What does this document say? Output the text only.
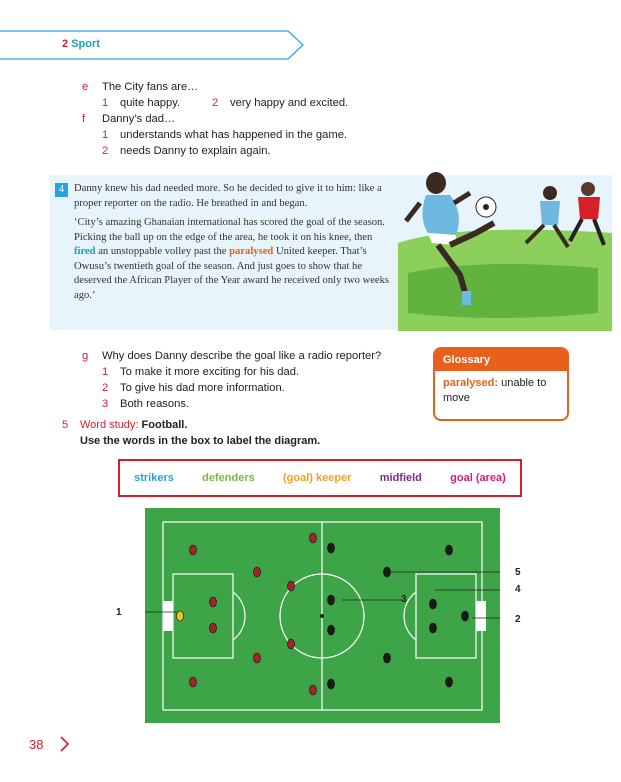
2 Sport
e The City fans are…
1 quite happy.	2 very happy and excited.
f Danny’s dad…
1 understands what has happened in the game.
2 needs Danny to explain again.
4 Danny knew his dad needed more. So he decided to give it to him: like a proper reporter on the radio. He breathed in and began.

‘City’s amazing Ghanaian international has scored the goal of the season. Picking the ball up on the edge of the area, he took it on his knee, then fired an unstoppable volley past the paralysed United keeper. That’s Owusu’s twentieth goal of the season. And just goes to show that he deserved the African Player of the Year award he received only two weeks ago.’

g Why does Danny describe the goal like a radio reporter?
1 To make it more exciting for his dad.
2 To give his dad more information.
3 Both reasons.
Glossary
paralysed: unable to move
5 Word study: Football.
Use the words in the box to label the diagram.
strikers	defenders	(goal) keeper	midfield	goal (area)
1
2
3
4
5
38
